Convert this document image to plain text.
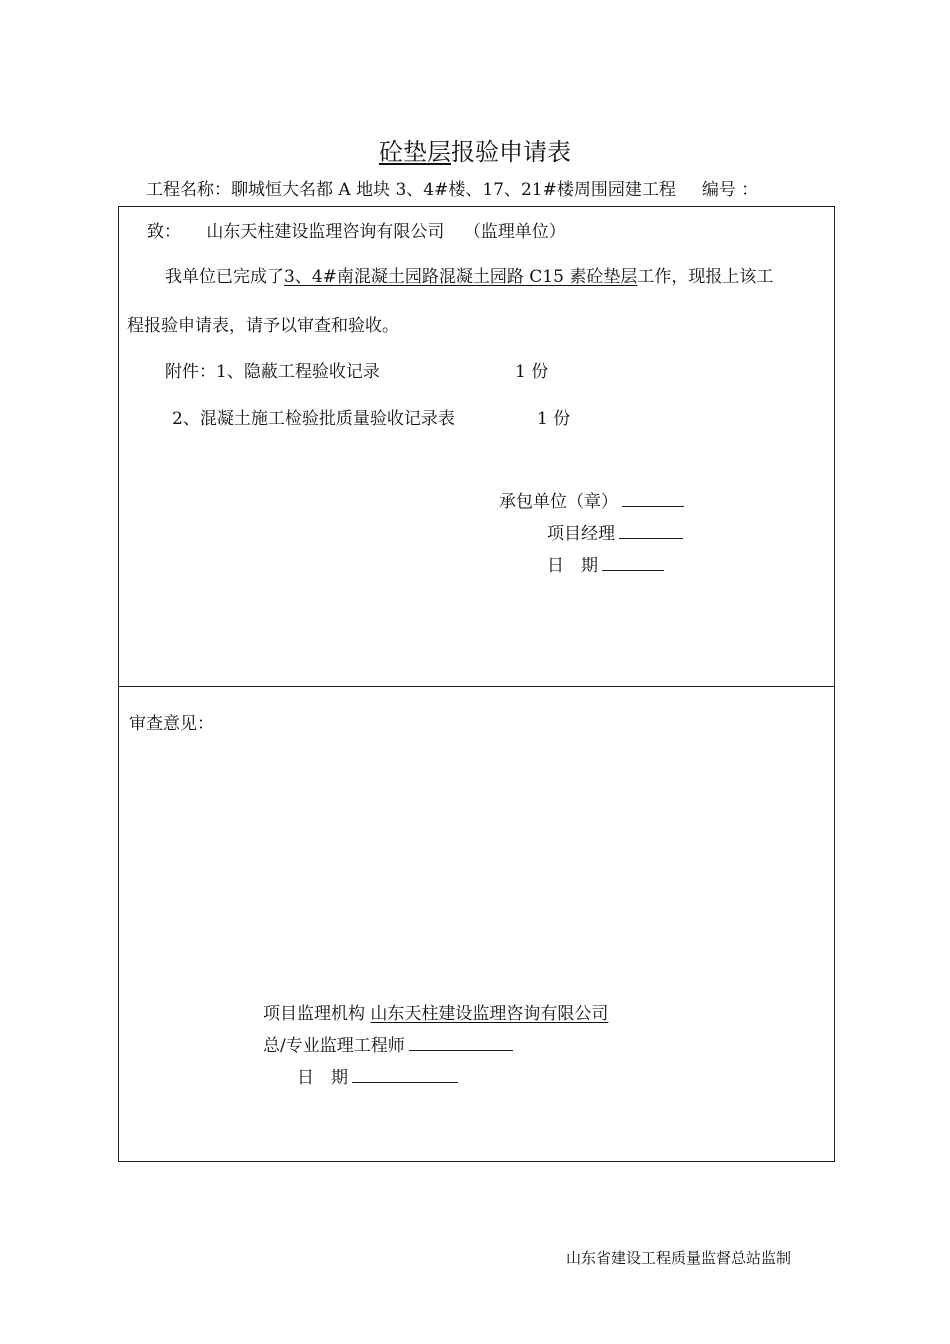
砼垫层报验申请表
工程名称：聊城恒大名都 A 地块 3、4#楼、17、21#楼周围园建工程 编号 ：
致： 山东天柱建设监理咨询有限公司 （监理单位）
我单位已完成了3、4#南混凝土园路混凝土园路 C15 素砼垫层工作，现报上该工
程报验申请表，请予以审查和验收。
附件：1、隐蔽工程验收记录	1 份
2、混凝土施工检验批质量验收记录表	1 份
承包单位（章）
项目经理
日　期
审查意见：
项目监理机构 山东天柱建设监理咨询有限公司
总/专业监理工程师
日　期
山东省建设工程质量监督总站监制
